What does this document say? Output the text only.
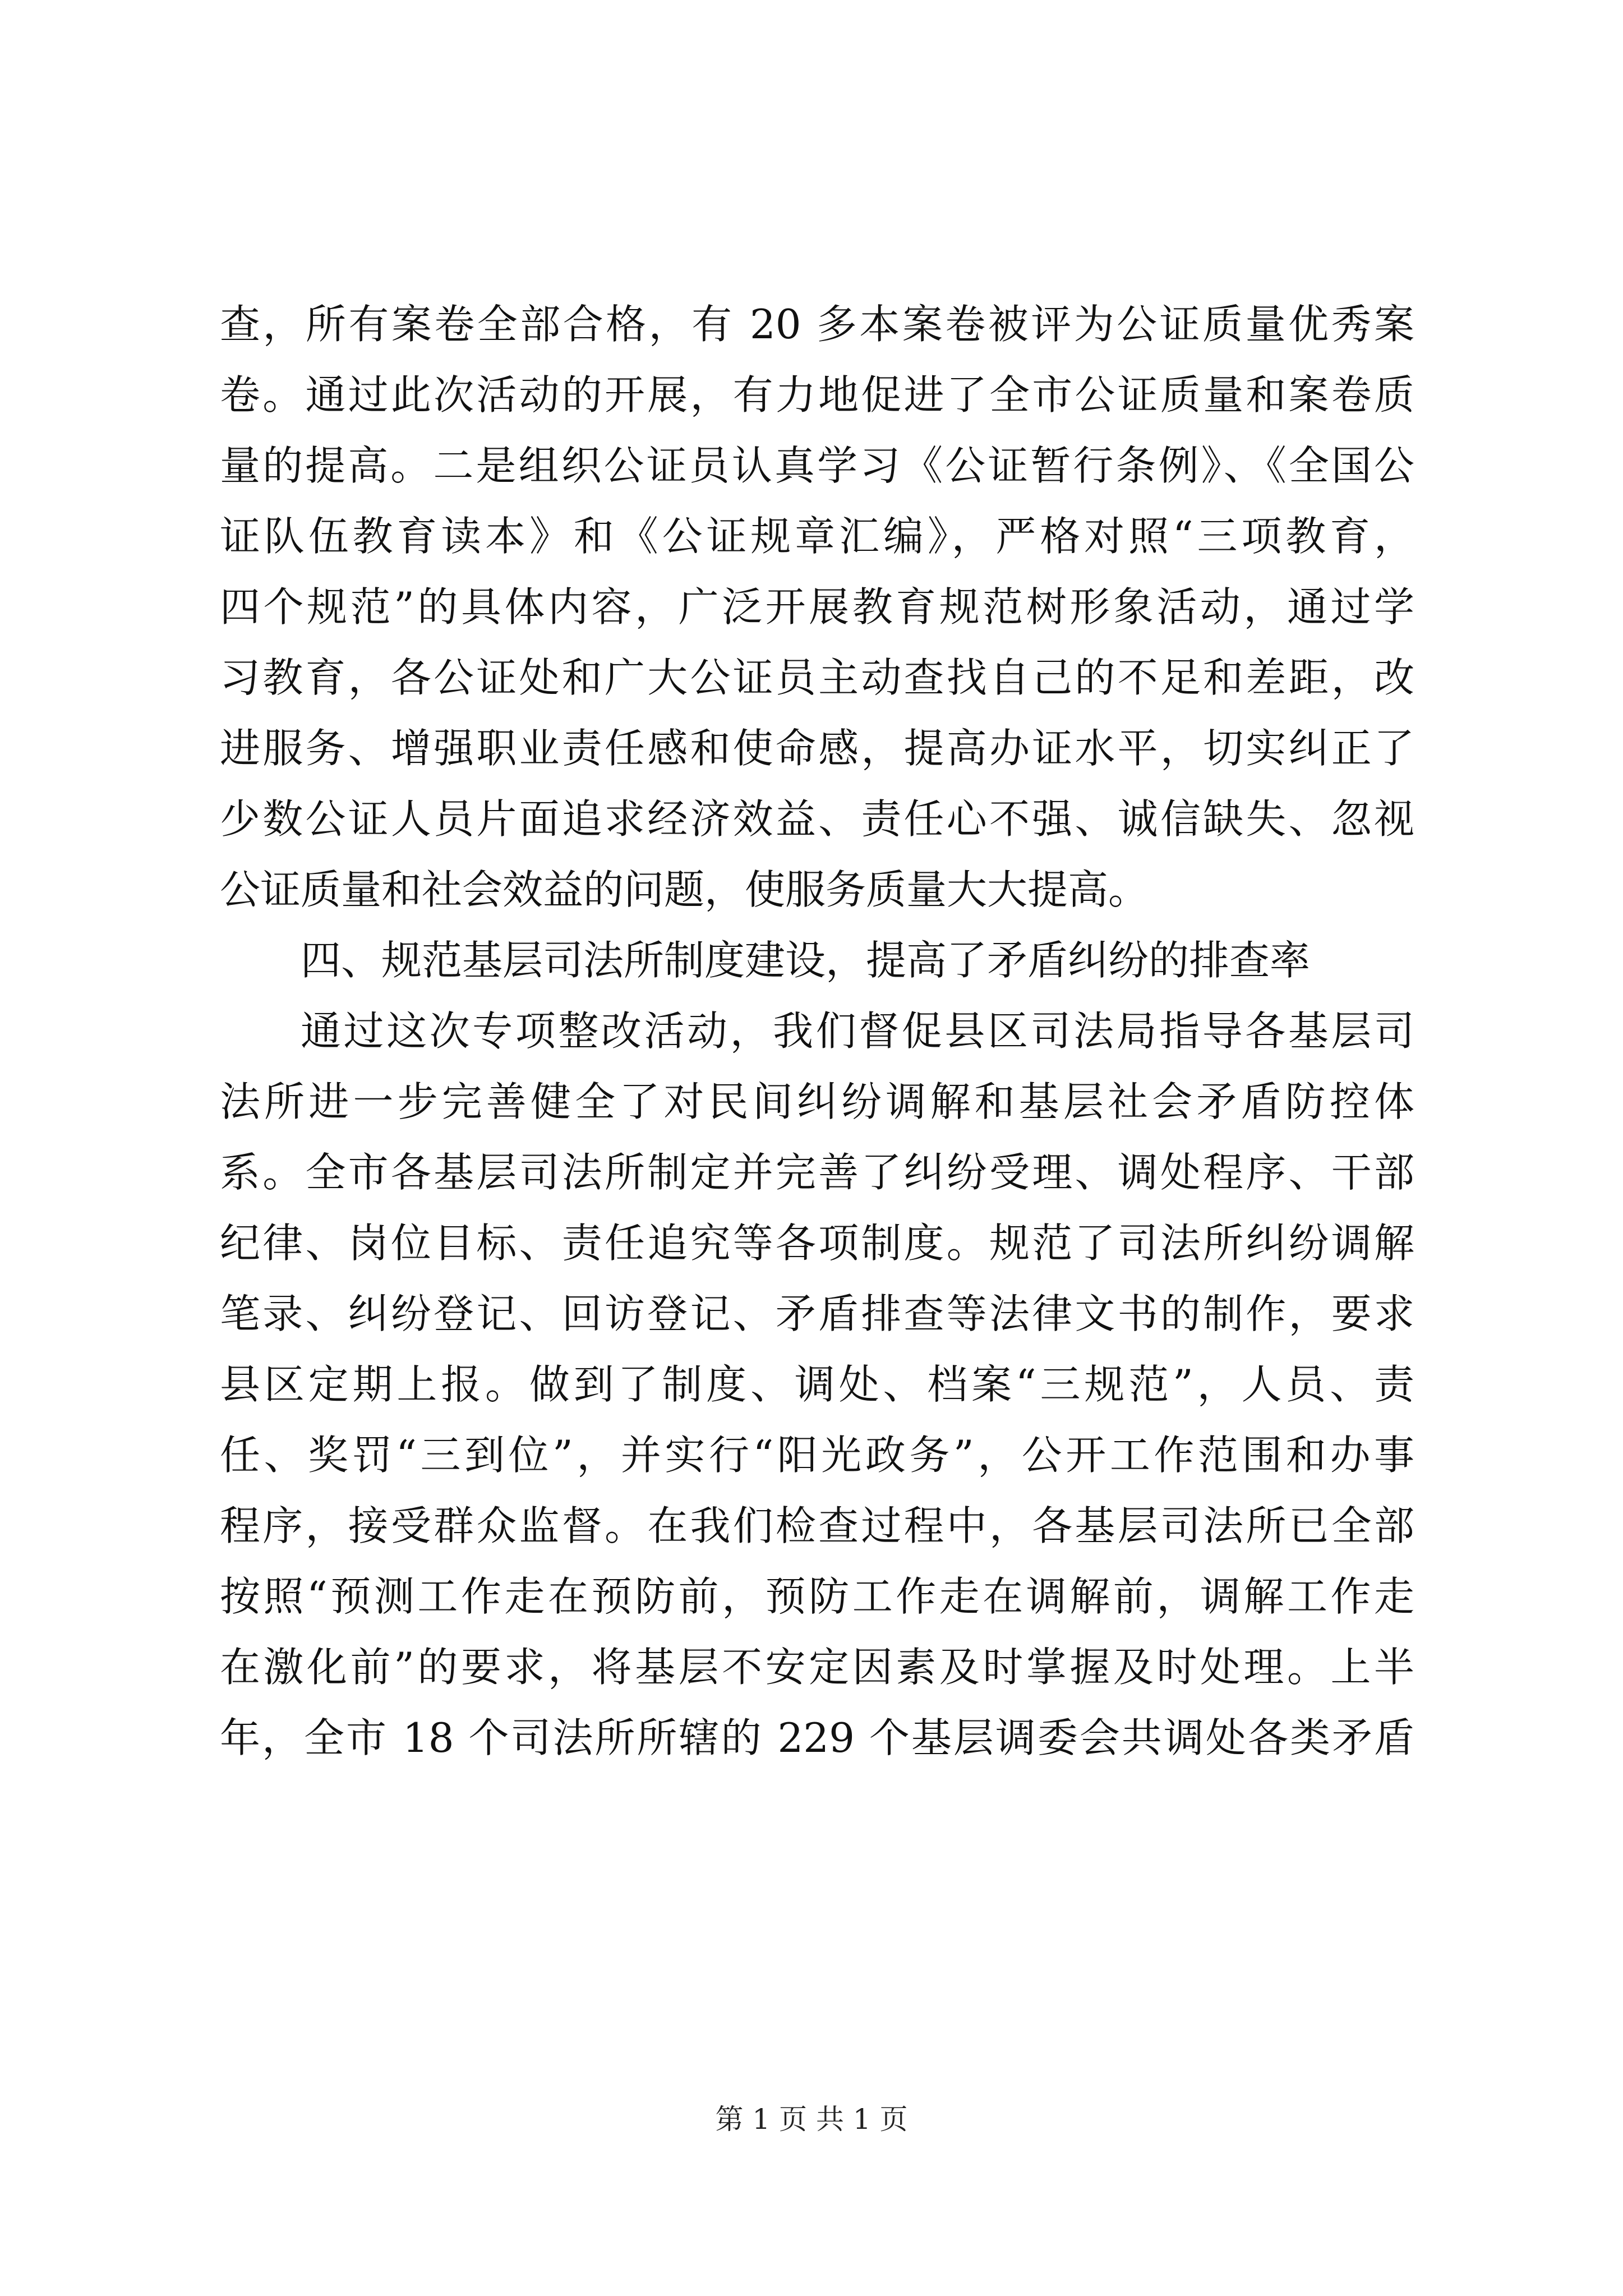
查，所有案卷全部合格，有 20 多本案卷被评为公证质量优秀案
卷。通过此次活动的开展，有力地促进了全市公证质量和案卷质
量的提高。二是组织公证员认真学习《公证暂行条例》、《全国公
证队伍教育读本》和《公证规章汇编》，严格对照“三项教育，
四个规范”的具体内容，广泛开展教育规范树形象活动，通过学
习教育，各公证处和广大公证员主动查找自己的不足和差距，改
进服务、增强职业责任感和使命感，提高办证水平，切实纠正了
少数公证人员片面追求经济效益、责任心不强、诚信缺失、忽视
公证质量和社会效益的问题，使服务质量大大提高。
四、规范基层司法所制度建设，提高了矛盾纠纷的排查率
通过这次专项整改活动，我们督促县区司法局指导各基层司
法所进一步完善健全了对民间纠纷调解和基层社会矛盾防控体
系。全市各基层司法所制定并完善了纠纷受理、调处程序、干部
纪律、岗位目标、责任追究等各项制度。规范了司法所纠纷调解
笔录、纠纷登记、回访登记、矛盾排查等法律文书的制作，要求
县区定期上报。做到了制度、调处、档案“三规范”，人员、责
任、奖罚“三到位”，并实行“阳光政务”，公开工作范围和办事
程序，接受群众监督。在我们检查过程中，各基层司法所已全部
按照“预测工作走在预防前，预防工作走在调解前，调解工作走
在激化前”的要求，将基层不安定因素及时掌握及时处理。上半
年，全市 18 个司法所所辖的 229 个基层调委会共调处各类矛盾
第 1 页 共 1 页
